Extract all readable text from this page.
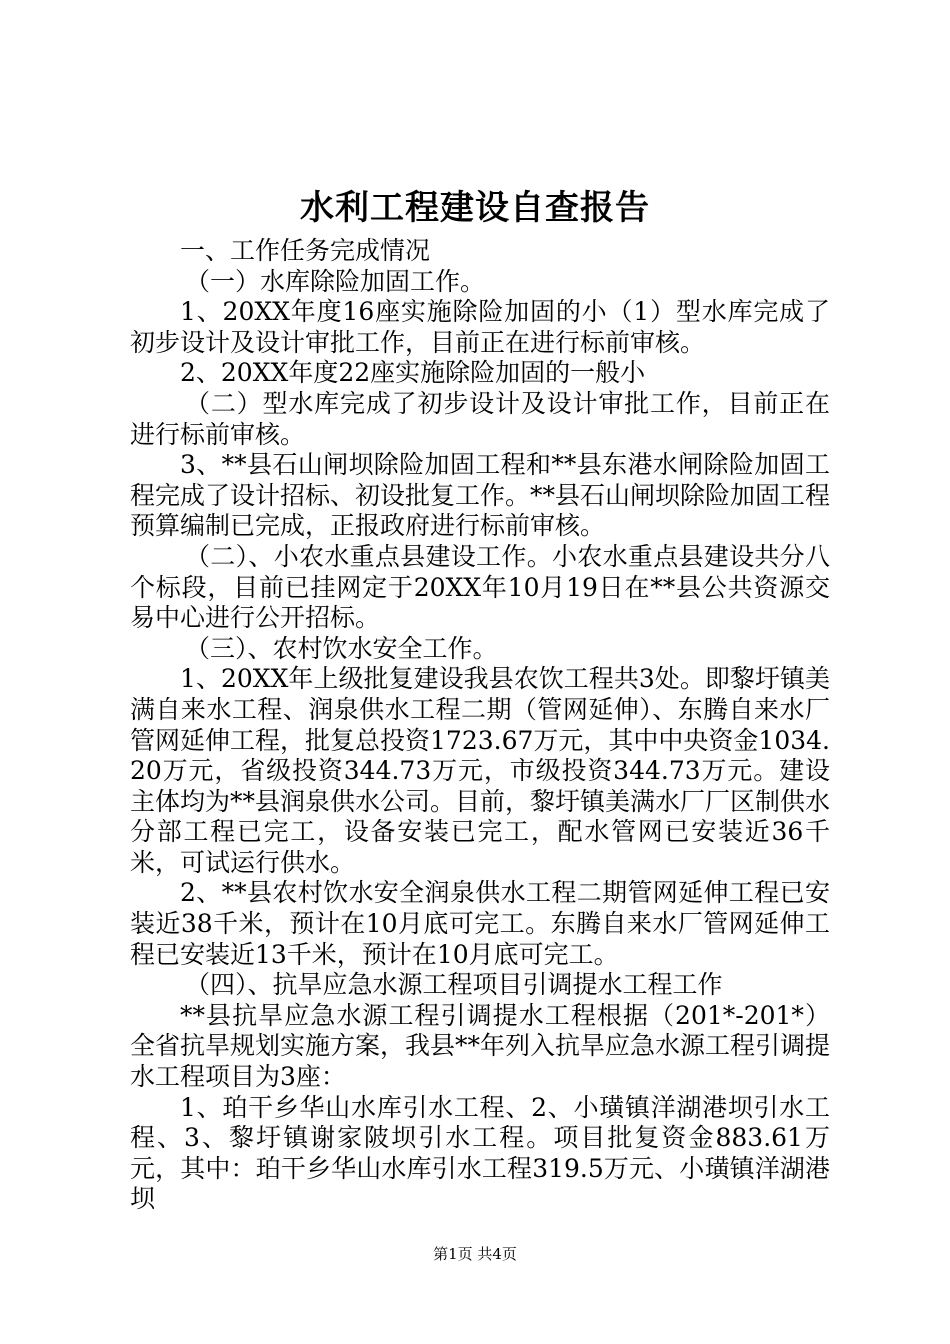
水利工程建设自查报告

一、工作任务完成情况

（一）水库除险加固工作。

1、20XX年度16座实施除险加固的小（1）型水库完成了初步设计及设计审批工作，目前正在进行标前审核。

2、20XX年度22座实施除险加固的一般小

（二）型水库完成了初步设计及设计审批工作，目前正在进行标前审核。

3、**县石山闸坝除险加固工程和**县东港水闸除险加固工程完成了设计招标、初设批复工作。**县石山闸坝除险加固工程预算编制已完成，正报政府进行标前审核。

（二）、小农水重点县建设工作。小农水重点县建设共分八个标段，目前已挂网定于20XX年10月19日在**县公共资源交易中心进行公开招标。

（三）、农村饮水安全工作。

1、20XX年上级批复建设我县农饮工程共3处。即黎圩镇美满自来水工程、润泉供水工程二期（管网延伸）、东腾自来水厂管网延伸工程，批复总投资1723.67万元，其中中央资金1034.20万元，省级投资344.73万元，市级投资344.73万元。建设主体均为**县润泉供水公司。目前，黎圩镇美满水厂厂区制供水分部工程已完工，设备安装已完工，配水管网已安装近36千米，可试运行供水。

2、**县农村饮水安全润泉供水工程二期管网延伸工程已安装近38千米，预计在10月底可完工。东腾自来水厂管网延伸工程已安装近13千米，预计在10月底可完工。

（四）、抗旱应急水源工程项目引调提水工程工作

**县抗旱应急水源工程引调提水工程根据（201*-201*）全省抗旱规划实施方案，我县**年列入抗旱应急水源工程引调提水工程项目为3座：

1、珀干乡华山水库引水工程、2、小璜镇洋湖港坝引水工程、3、黎圩镇谢家陂坝引水工程。项目批复资金883.61万元，其中：珀干乡华山水库引水工程319.5万元、小璜镇洋湖港坝

第1页 共4页
